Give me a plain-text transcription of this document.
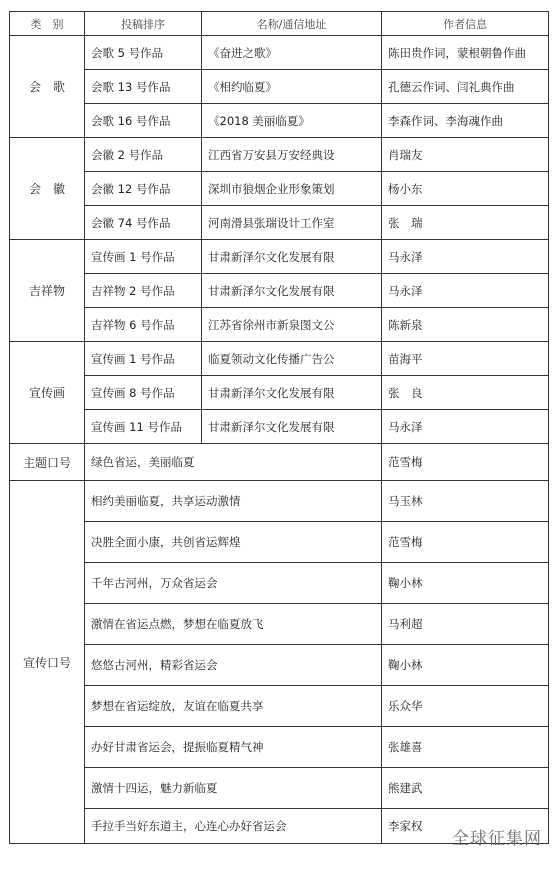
类　别	投稿排序	名称/通信地址	作者信息
会　歌	会歌 5 号作品	《奋进之歌》	陈田贵作词，蒙根朝鲁作曲
	会歌 13 号作品	《相约临夏》	孔德云作词、闫礼典作曲
	会歌 16 号作品	《2018 美丽临夏》	李森作词、李海魂作曲
会　徽	会徽 2 号作品	江西省万安县万安经典设	肖瑞友
	会徽 12 号作品	深圳市狼烟企业形象策划	杨小东
	会徽 74 号作品	河南滑县张瑞设计工作室	张　瑞
吉祥物	宣传画 1 号作品	甘肃新泽尔文化发展有限	马永泽
	吉祥物 2 号作品	甘肃新泽尔文化发展有限	马永泽
	吉祥物 6 号作品	江苏省徐州市新泉图文公	陈新泉
宣传画	宣传画 1 号作品	临夏领动文化传播广告公	苗海平
	宣传画 8 号作品	甘肃新泽尔文化发展有限	张　良
	宣传画 11 号作品	甘肃新泽尔文化发展有限	马永泽
主题口号	绿色省运，美丽临夏		范雪梅
宣传口号	相约美丽临夏，共享运动激情		马玉林
	决胜全面小康，共创省运辉煌		范雪梅
	千年古河州，万众省运会		鞠小林
	激情在省运点燃，梦想在临夏放飞		马利超
	悠悠古河州，精彩省运会		鞠小林
	梦想在省运绽放，友谊在临夏共享		乐众华
	办好甘肃省运会，提振临夏精气神		张雄喜
	激情十四运，魅力新临夏		熊建武
	手拉手当好东道主，心连心办好省运会		李家权
全球征集网
